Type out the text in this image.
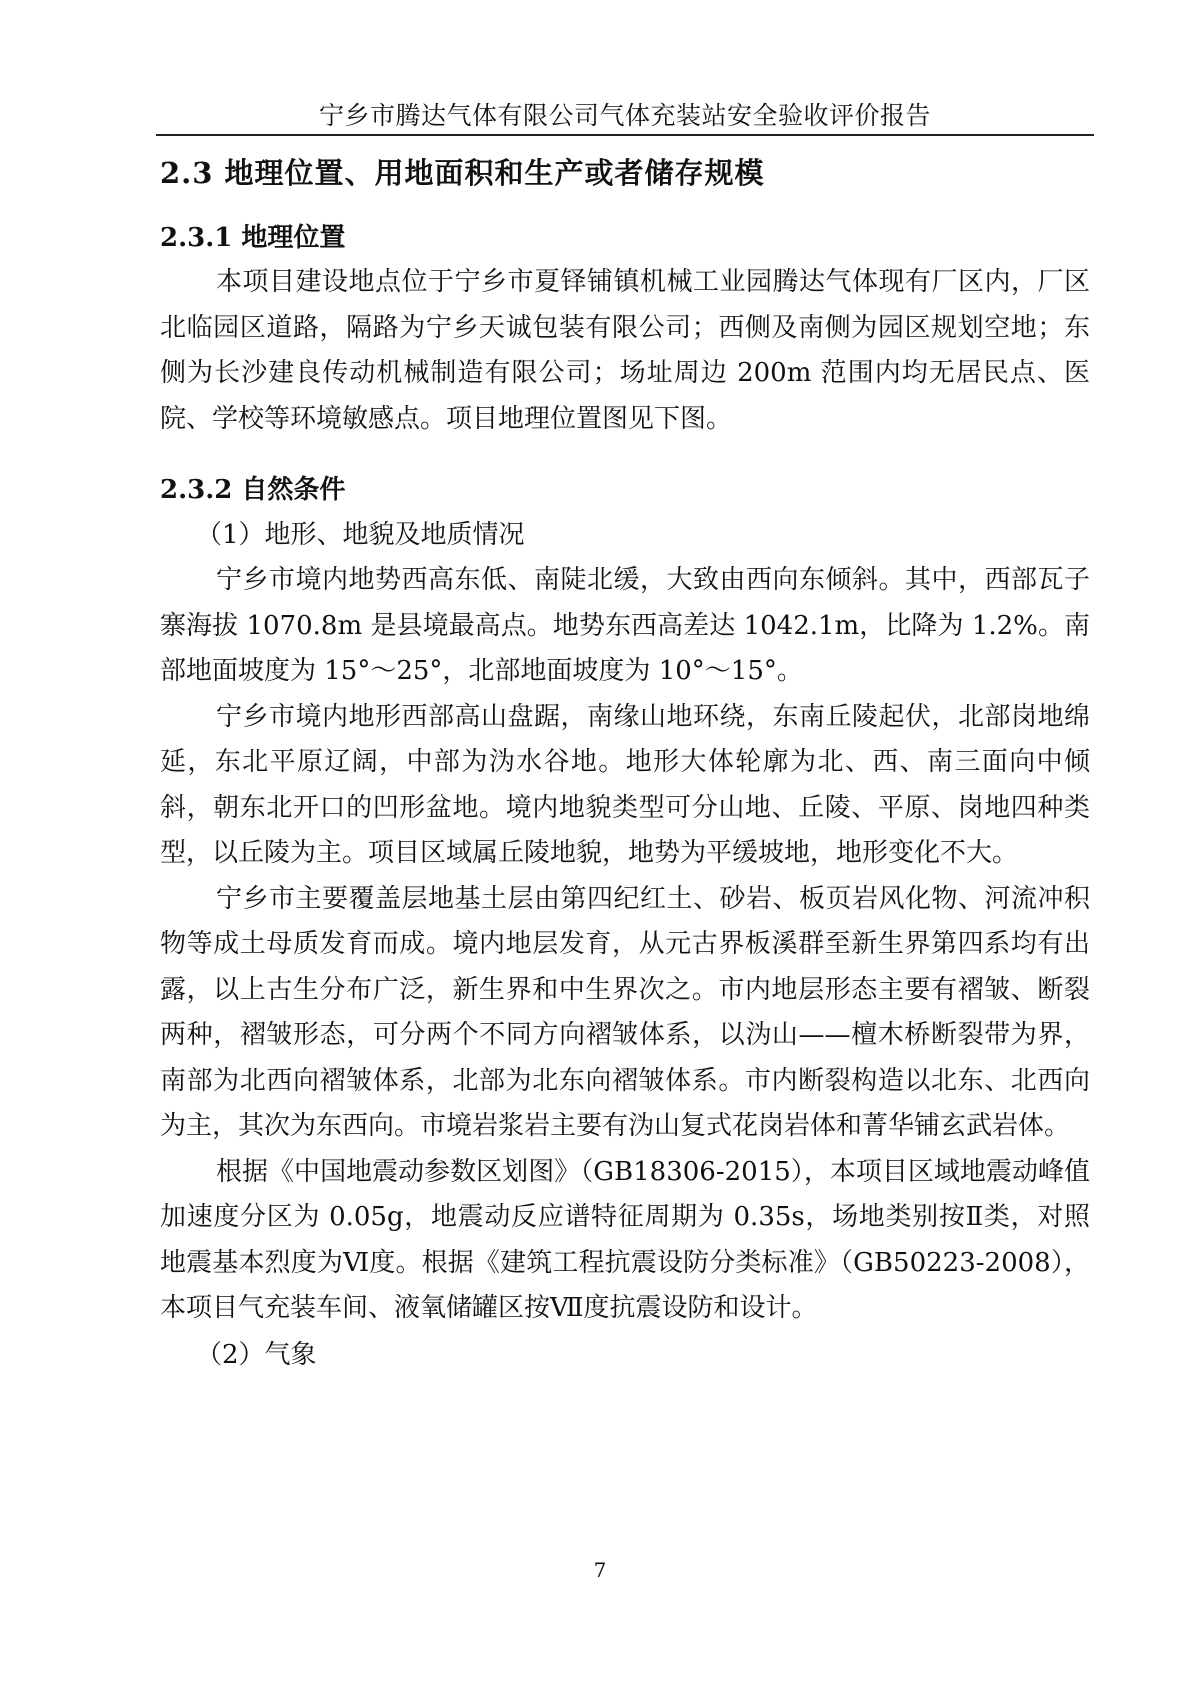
宁乡市腾达气体有限公司气体充装站安全验收评价报告
2.3 地理位置、用地面积和生产或者储存规模
2.3.1 地理位置

本项目建设地点位于宁乡市夏铎铺镇机械工业园腾达气体现有厂区内，厂区北临园区道路，隔路为宁乡天诚包装有限公司；西侧及南侧为园区规划空地；东侧为长沙建良传动机械制造有限公司；场址周边 200m 范围内均无居民点、医院、学校等环境敏感点。项目地理位置图见下图。

2.3.2 自然条件

（1）地形、地貌及地质情况

宁乡市境内地势西高东低、南陡北缓，大致由西向东倾斜。其中，西部瓦子寨海拔 1070.8m 是县境最高点。地势东西高差达 1042.1m，比降为 1.2%。南部地面坡度为 15°～25°，北部地面坡度为 10°～15°。

宁乡市境内地形西部高山盘踞，南缘山地环绕，东南丘陵起伏，北部岗地绵延，东北平原辽阔，中部为沩水谷地。地形大体轮廓为北、西、南三面向中倾斜，朝东北开口的凹形盆地。境内地貌类型可分山地、丘陵、平原、岗地四种类型，以丘陵为主。项目区域属丘陵地貌，地势为平缓坡地，地形变化不大。

宁乡市主要覆盖层地基土层由第四纪红土、砂岩、板页岩风化物、河流冲积物等成土母质发育而成。境内地层发育，从元古界板溪群至新生界第四系均有出露，以上古生分布广泛，新生界和中生界次之。市内地层形态主要有褶皱、断裂两种，褶皱形态，可分两个不同方向褶皱体系，以沩山——檀木桥断裂带为界，南部为北西向褶皱体系，北部为北东向褶皱体系。市内断裂构造以北东、北西向为主，其次为东西向。市境岩浆岩主要有沩山复式花岗岩体和菁华铺玄武岩体。

根据《中国地震动参数区划图》（GB18306-2015），本项目区域地震动峰值加速度分区为 0.05g，地震动反应谱特征周期为 0.35s，场地类别按Ⅱ类，对照地震基本烈度为Ⅵ度。根据《建筑工程抗震设防分类标准》（GB50223-2008），本项目气充装车间、液氧储罐区按Ⅶ度抗震设防和设计。

（2）气象

7
